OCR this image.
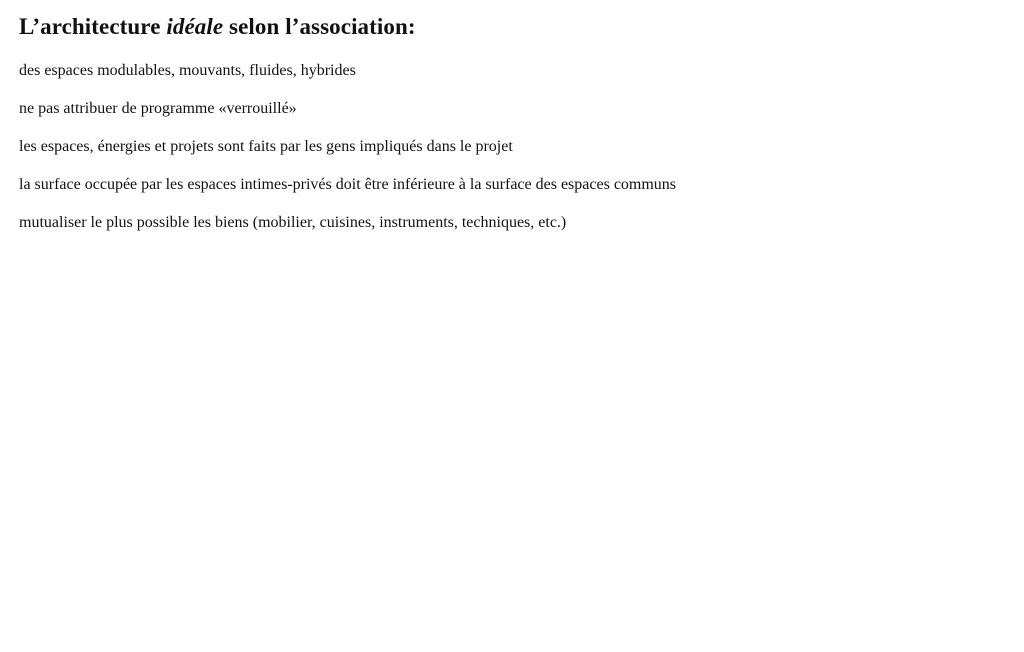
L’architecture idéale selon l’association:
des espaces modulables, mouvants, fluides, hybrides
ne pas attribuer de programme «verrouillé»
les espaces, énergies et projets sont faits par les gens impliqués dans le projet
la surface occupée par les espaces intimes-privés doit être inférieure à la surface des espaces communs
mutualiser le plus possible les biens (mobilier, cuisines, instruments, techniques, etc.)
